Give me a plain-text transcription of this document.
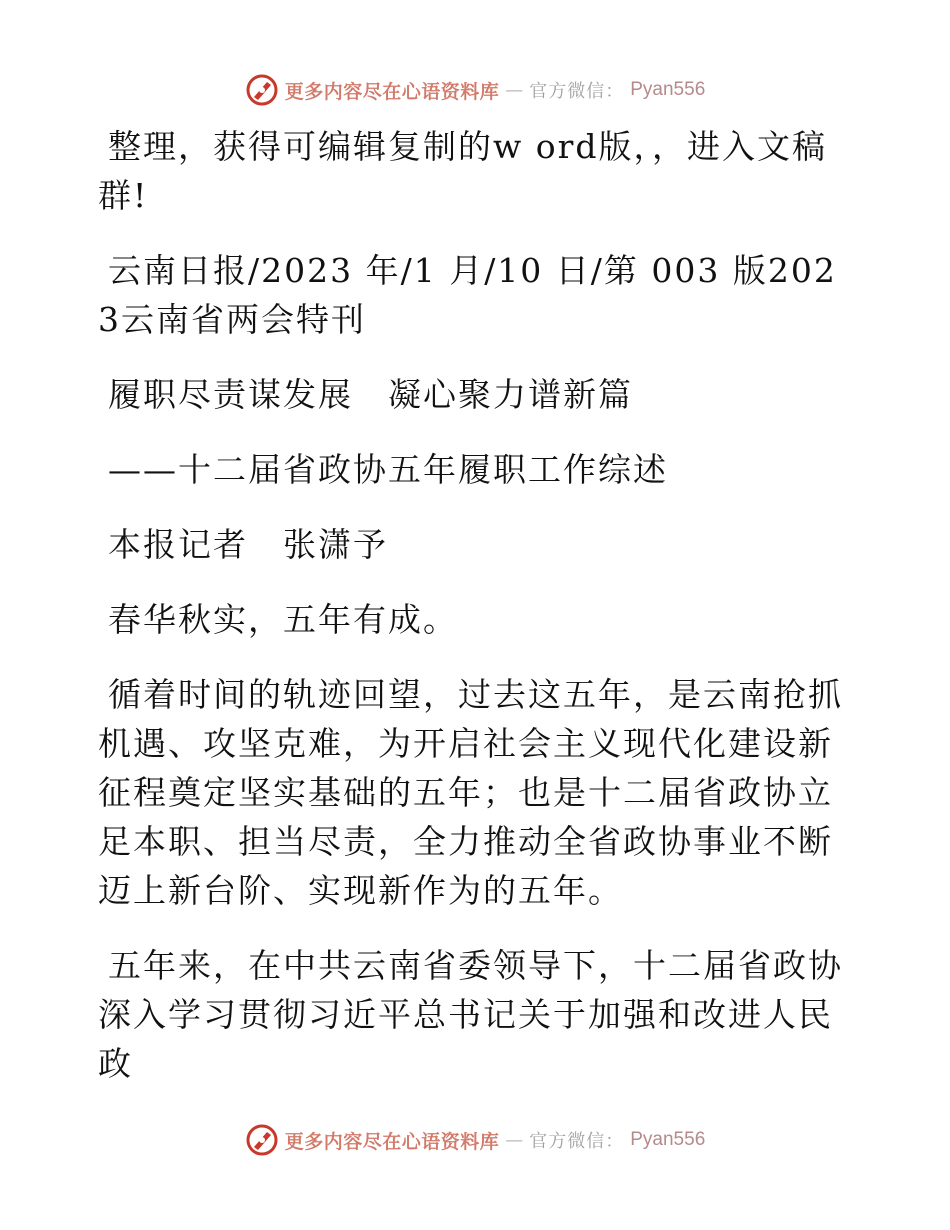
更多内容尽在心语资料库 — 官方微信： Pyan556

整理，获得可编辑复制的w ord版，，进入文稿群!

云南日报/2023 年/1 月/10 日/第 003 版2023云南省两会特刊

履职尽责谋发展　凝心聚力谱新篇

——十二届省政协五年履职工作综述

本报记者　张潇予

春华秋实，五年有成。

循着时间的轨迹回望，过去这五年，是云南抢抓机遇、攻坚克难，为开启社会主义现代化建设新征程奠定坚实基础的五年；也是十二届省政协立足本职、担当尽责，全力推动全省政协事业不断迈上新台阶、实现新作为的五年。

五年来，在中共云南省委领导下，十二届省政协深入学习贯彻习近平总书记关于加强和改进人民政

更多内容尽在心语资料库 — 官方微信： Pyan556
